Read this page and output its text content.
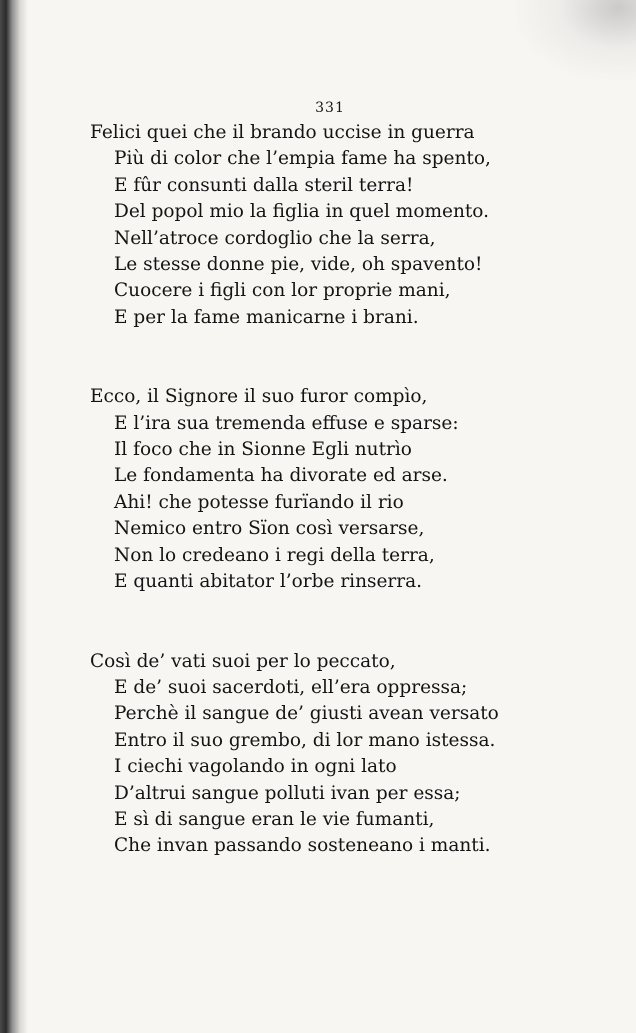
331
Felici quei che il brando uccise in guerra
Più di color che l’empia fame ha spento,
E fûr consunti dalla steril terra!
Del popol mio la figlia in quel momento.
Nell’atroce cordoglio che la serra,
Le stesse donne pie, vide, oh spavento!
Cuocere i figli con lor proprie mani,
E per la fame manicarne i brani.
Ecco, il Signore il suo furor compìo,
E l’ira sua tremenda effuse e sparse:
Il foco che in Sionne Egli nutrìo
Le fondamenta ha divorate ed arse.
Ahi! che potesse furïando il rio
Nemico entro Sïon così versarse,
Non lo credeano i regi della terra,
E quanti abitator l’orbe rinserra.
Così de’ vati suoi per lo peccato,
E de’ suoi sacerdoti, ell’era oppressa;
Perchè il sangue de’ giusti avean versato
Entro il suo grembo, di lor mano istessa.
I ciechi vagolando in ogni lato
D’altrui sangue polluti ivan per essa;
E sì di sangue eran le vie fumanti,
Che invan passando sosteneano i manti.
